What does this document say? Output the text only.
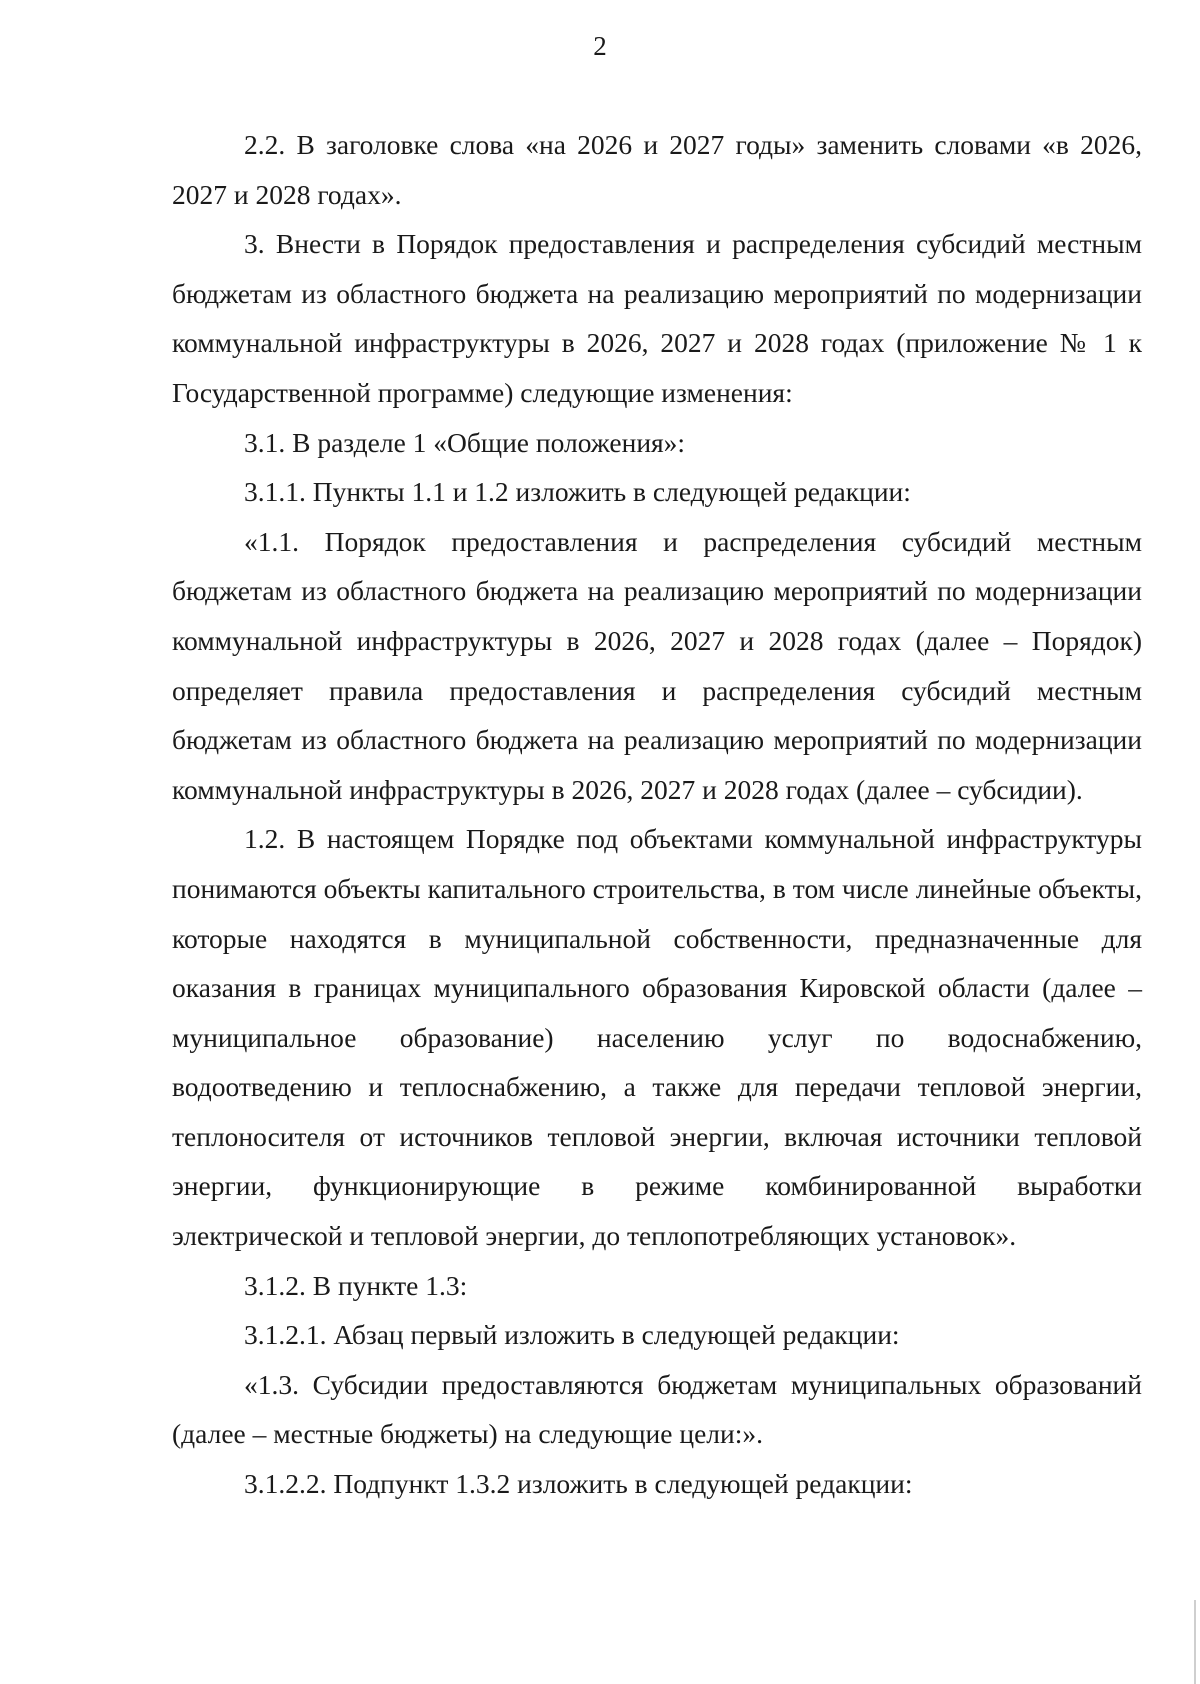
2

2.2. В заголовке слова «на 2026 и 2027 годы» заменить словами «в 2026, 2027 и 2028 годах».

3. Внести в Порядок предоставления и распределения субсидий местным бюджетам из областного бюджета на реализацию мероприятий по модернизации коммунальной инфраструктуры в 2026, 2027 и 2028 годах (приложение № 1 к Государственной программе) следующие изменения:

3.1. В разделе 1 «Общие положения»:

3.1.1. Пункты 1.1 и 1.2 изложить в следующей редакции:

«1.1. Порядок предоставления и распределения субсидий местным бюджетам из областного бюджета на реализацию мероприятий по модернизации коммунальной инфраструктуры в 2026, 2027 и 2028 годах (далее – Порядок) определяет правила предоставления и распределения субсидий местным бюджетам из областного бюджета на реализацию мероприятий по модернизации коммунальной инфраструктуры в 2026, 2027 и 2028 годах (далее – субсидии).

1.2. В настоящем Порядке под объектами коммунальной инфраструктуры понимаются объекты капитального строительства, в том числе линейные объекты, которые находятся в муниципальной собственности, предназначенные для оказания в границах муниципального образования Кировской области (далее – муниципальное образование) населению услуг по водоснабжению, водоотведению и теплоснабжению, а также для передачи тепловой энергии, теплоносителя от источников тепловой энергии, включая источники тепловой энергии, функционирующие в режиме комбинированной выработки электрической и тепловой энергии, до теплопотребляющих установок».

3.1.2. В пункте 1.3:

3.1.2.1. Абзац первый изложить в следующей редакции:

«1.3. Субсидии предоставляются бюджетам муниципальных образований (далее – местные бюджеты) на следующие цели:».

3.1.2.2. Подпункт 1.3.2 изложить в следующей редакции:
